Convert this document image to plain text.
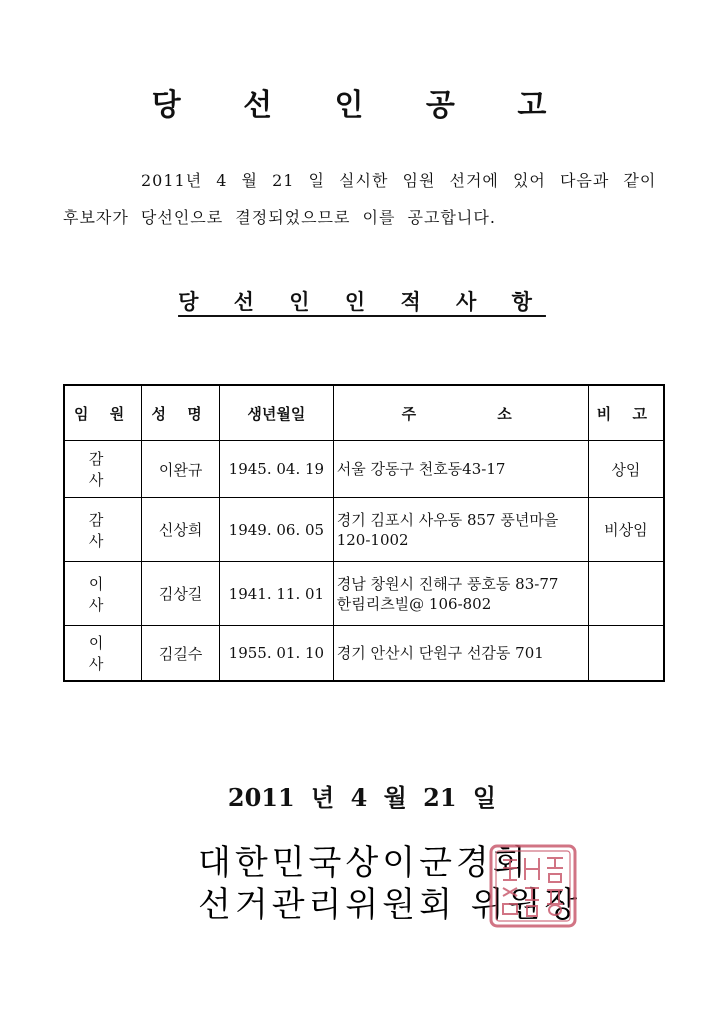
당 선 인 공 고
2011년 4 월 21 일 실시한 임원 선거에 있어 다음과 같이
후보자가 당선인으로 결정되었으므로 이를 공고합니다.
당 선 인 인 적 사 항
임 원	성 명	생년월일	주 소	비 고
감 사	이완규	1945. 04. 19	서울 강동구 천호동43-17	상임
감 사	신상희	1949. 06. 05	경기 김포시 사우동 857 풍년마을
120-1002	비상임
이 사	김상길	1941. 11. 01	경남 창원시 진해구 풍호동 83-77
한림리츠빌@ 106-802	
이 사	김길수	1955. 01. 10	경기 안산시 단원구 선감동 701	
2011 년 4 월 21 일
대한민국상이군경회
선거관리위원회 위원장
